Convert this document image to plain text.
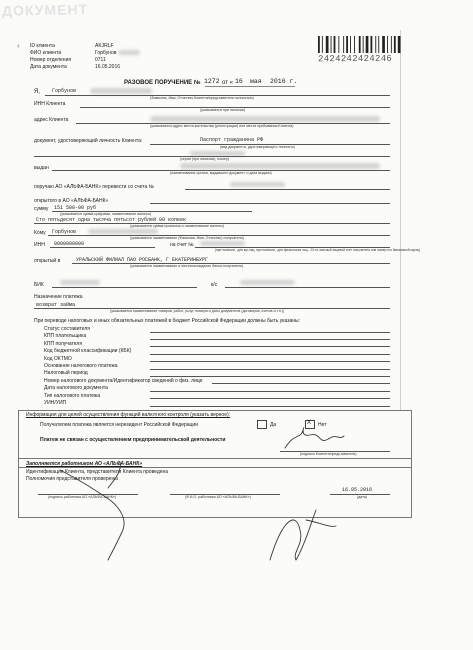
ДОКУМЕНТ
ID клиента	AKJRLF
ФИО клиента	Горбунов
Номер отделения	0711
Дата документа	16.05.2016
‹
2424242424246
РАЗОВОЕ ПОРУЧЕНИЕ № 1272 от « 16 мая 2016 г.
Я, Горбунов
(Фамилия, Имя, Отчество Клиента/представителя полностью)
ИНН Клиента
(указывается при наличии)
адрес Клиента
(указывается адрес места жительства (регистрации) или места пребывания Клиента)
документ, удостоверяющий личность Клиента:	Паспорт гражданина РФ
(вид документа, удостоверяющего личность)
(серия (при наличии), номер)
выдан
(наименование органа, выдавшего документ, и дата выдачи)
поручаю АО «АЛЬФА-БАНК» перевести со счета №
открытого в АО «АЛЬФА-БАНК»
сумму 151 500-00 руб
(указывается сумма цифрами, наименование валюты)
Сто пятьдесят одна тысяча пятьсот рублей 00 копеек
(указывается сумма прописью и наименование валюты)
Кому Горбунов
(указывается наименование (Фамилия, Имя, Отчество) получателя)
ИНН 0000000000	на счет №
(при наличии - для юр.лиц, при наличии - для физических лиц - 20-ти значный лицевой счет получателя или номер его банковской карты)
открытый в	УРАЛЬСКИЙ ФИЛИАЛ ПАО РОСБАНК, Г ЕКАТЕРИНБУРГ
(указывается наименование и местонахождение банка получателя)
БИК	к/с
Назначение платежа
возврат займа
(указывается наименование товаров, работ, услуг, номера и даты документов (договоров, счетов и т.п.))
При переводе налоговых и иных обязательных платежей в бюджет Российской Федерации должны быть указаны:
Статус составителя
КПП плательщика
КПП получателя
Код бюджетной классификации (КБК)
Код ОКТМО
Основание налогового платежа
Налоговый период
Номер налогового документа/Идентификатор сведений о физ. лице
Дата налогового документа
Тип налогового платежа
УИН/УИП
Информация для целей осуществления функций валютного контроля (указать верное):
Получателем платежа является нерезидент Российской Федерации	Да	X Нет
Платеж не связан с осуществлением предпринимательской деятельности
(подпись Клиента/представителя)
Заполняется работником АО «АЛЬФА-БАНК»
Идентификация Клиента, представителя Клиента проведена
Полномочия представителя проверены
(подпись работника АО «АЛЬФА-БАНК»)	(Ф.И.О. работника АО «АЛЬФА-БАНК»)
16.05.2016
(дата)
